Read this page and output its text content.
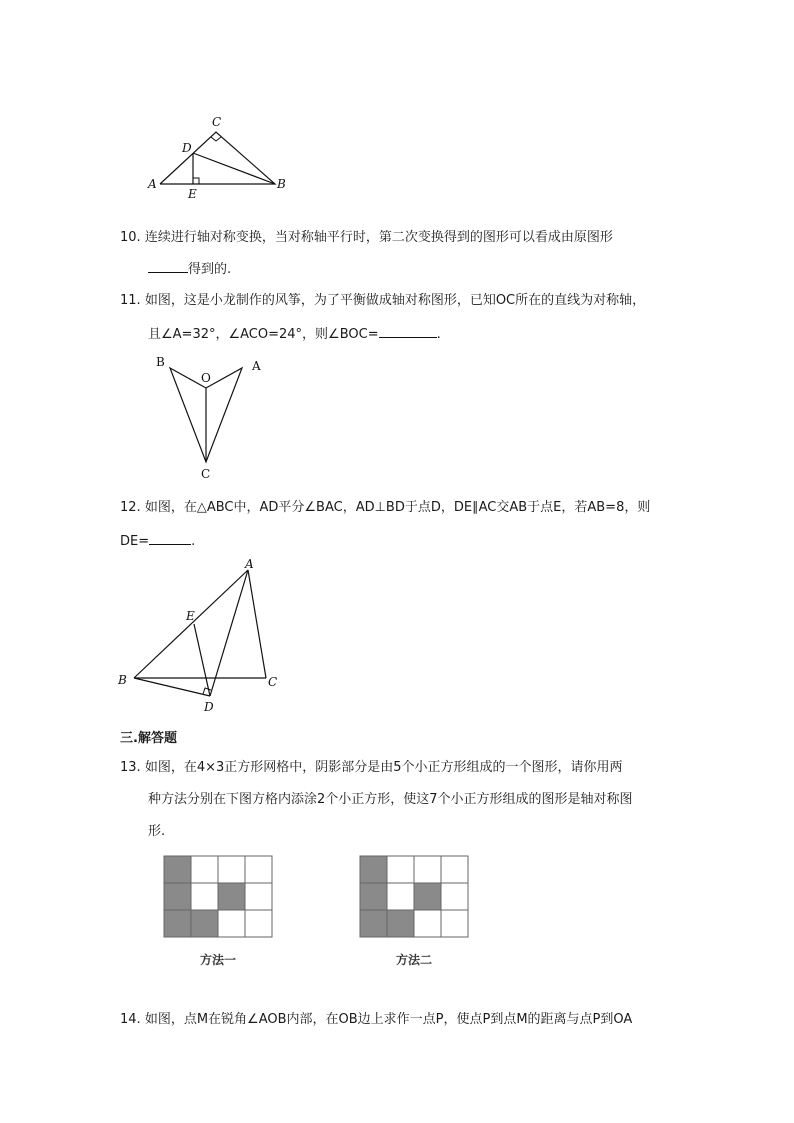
A	B
C
D
E
10. 连续进行轴对称变换，当对称轴平行时，第二次变换得到的图形可以看成由原图形
得到的.
11. 如图，这是小龙制作的风筝，为了平衡做成轴对称图形，已知OC所在的直线为对称轴，
且∠A=32°，∠ACO=24°，则∠BOC=	.
B	A
O
C
12. 如图，在△ABC中，AD平分∠BAC，AD⊥BD于点D，DE∥AC交AB于点E，若AB=8，则
DE=	.
A
B	C
D
E
三.解答题
13. 如图，在4×3正方形网格中，阴影部分是由5个小正方形组成的一个图形，请你用两
种方法分别在下图方格内添涂2个小正方形，使这7个小正方形组成的图形是轴对称图
形.
方法一	方法二
14. 如图，点M在锐角∠AOB内部，在OB边上求作一点P，使点P到点M的距离与点P到OA
